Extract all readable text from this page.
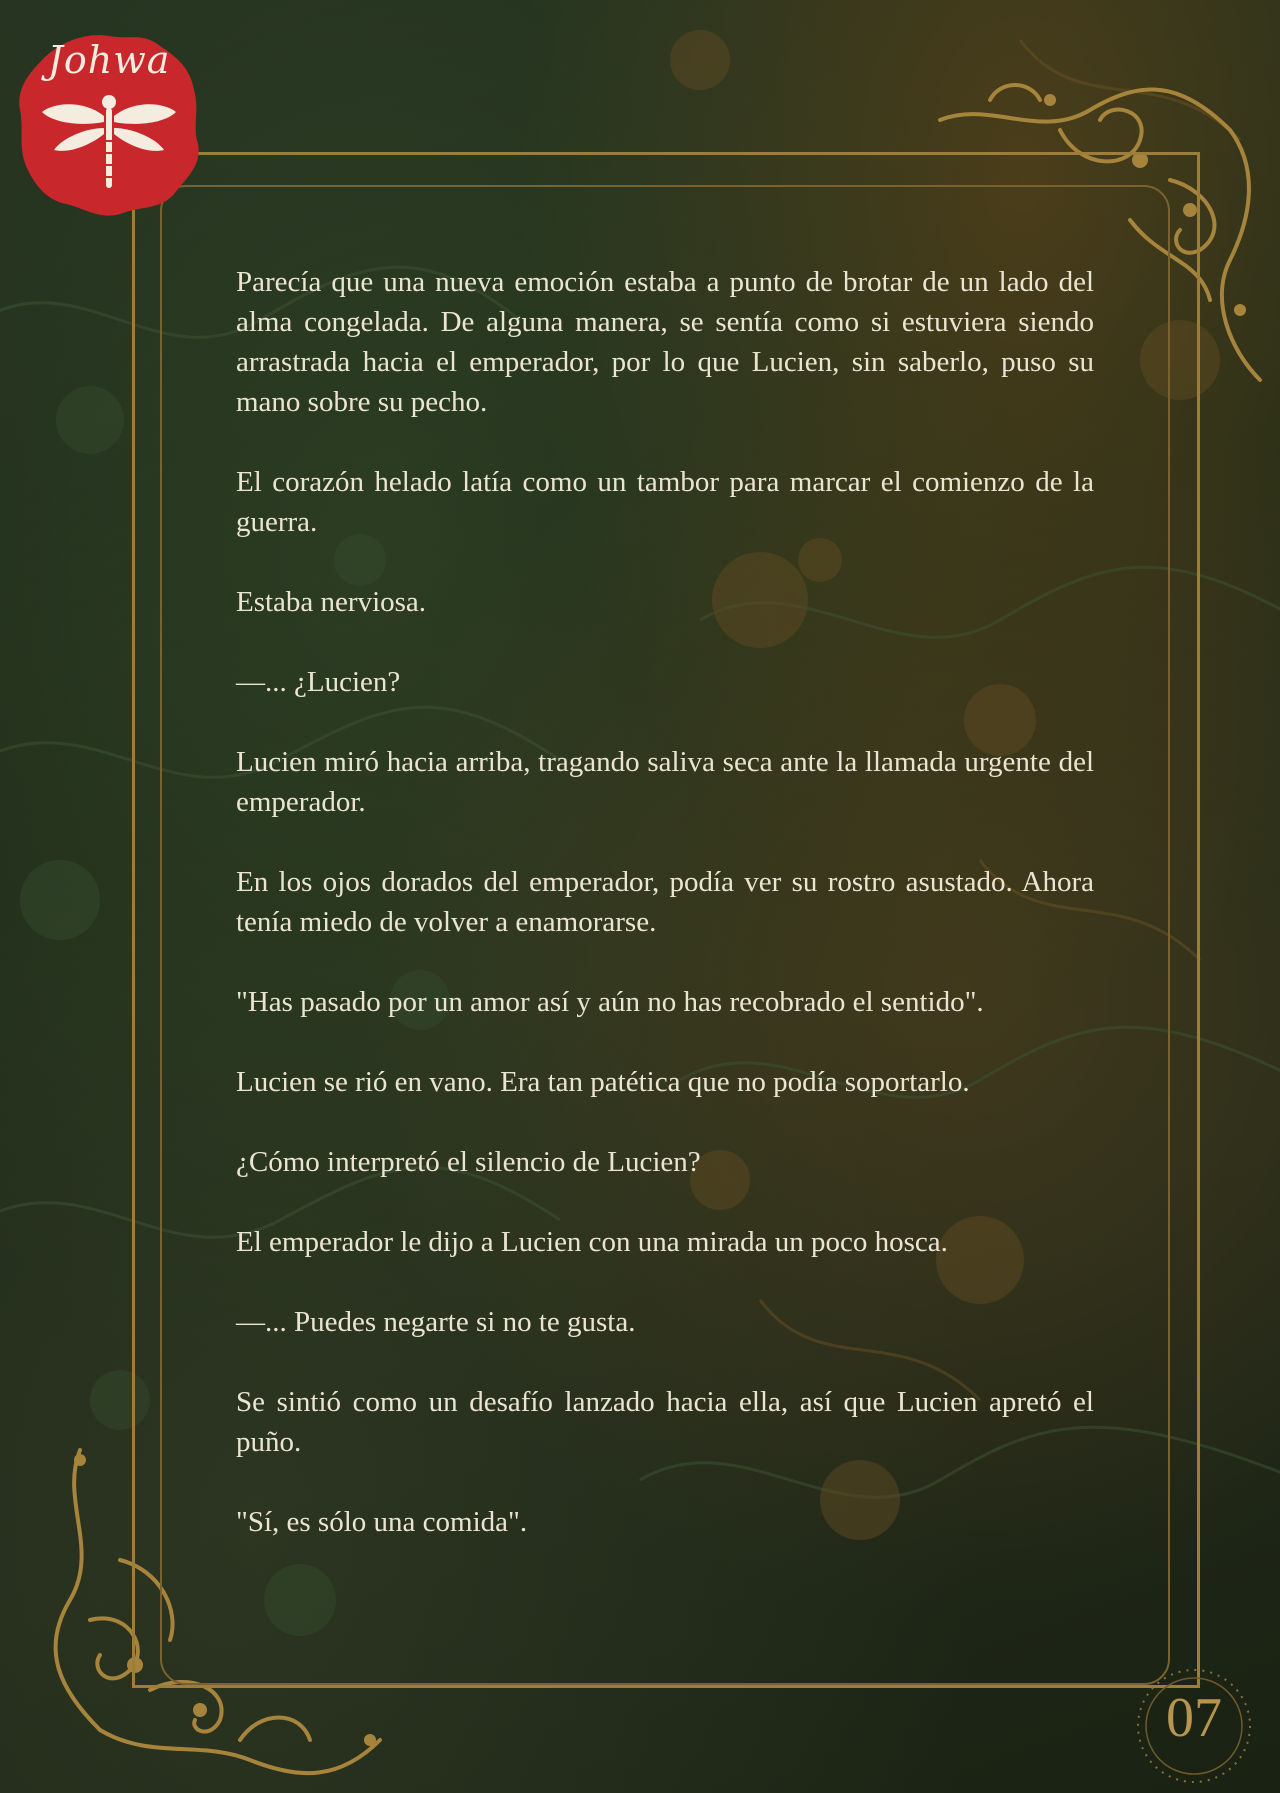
Johwa

Parecía que una nueva emoción estaba a punto de brotar de un lado del alma congelada. De alguna manera, se sentía como si estuviera siendo arrastrada hacia el emperador, por lo que Lucien, sin saberlo, puso su mano sobre su pecho.

El corazón helado latía como un tambor para marcar el comienzo de la guerra.

Estaba nerviosa.

—... ¿Lucien?

Lucien miró hacia arriba, tragando saliva seca ante la llamada urgente del emperador.

En los ojos dorados del emperador, podía ver su rostro asustado. Ahora tenía miedo de volver a enamorarse.

"Has pasado por un amor así y aún no has recobrado el sentido".

Lucien se rió en vano. Era tan patética que no podía soportarlo.

¿Cómo interpretó el silencio de Lucien?

El emperador le dijo a Lucien con una mirada un poco hosca.

—... Puedes negarte si no te gusta.

Se sintió como un desafío lanzado hacia ella, así que Lucien apretó el puño.

"Sí, es sólo una comida".

07
